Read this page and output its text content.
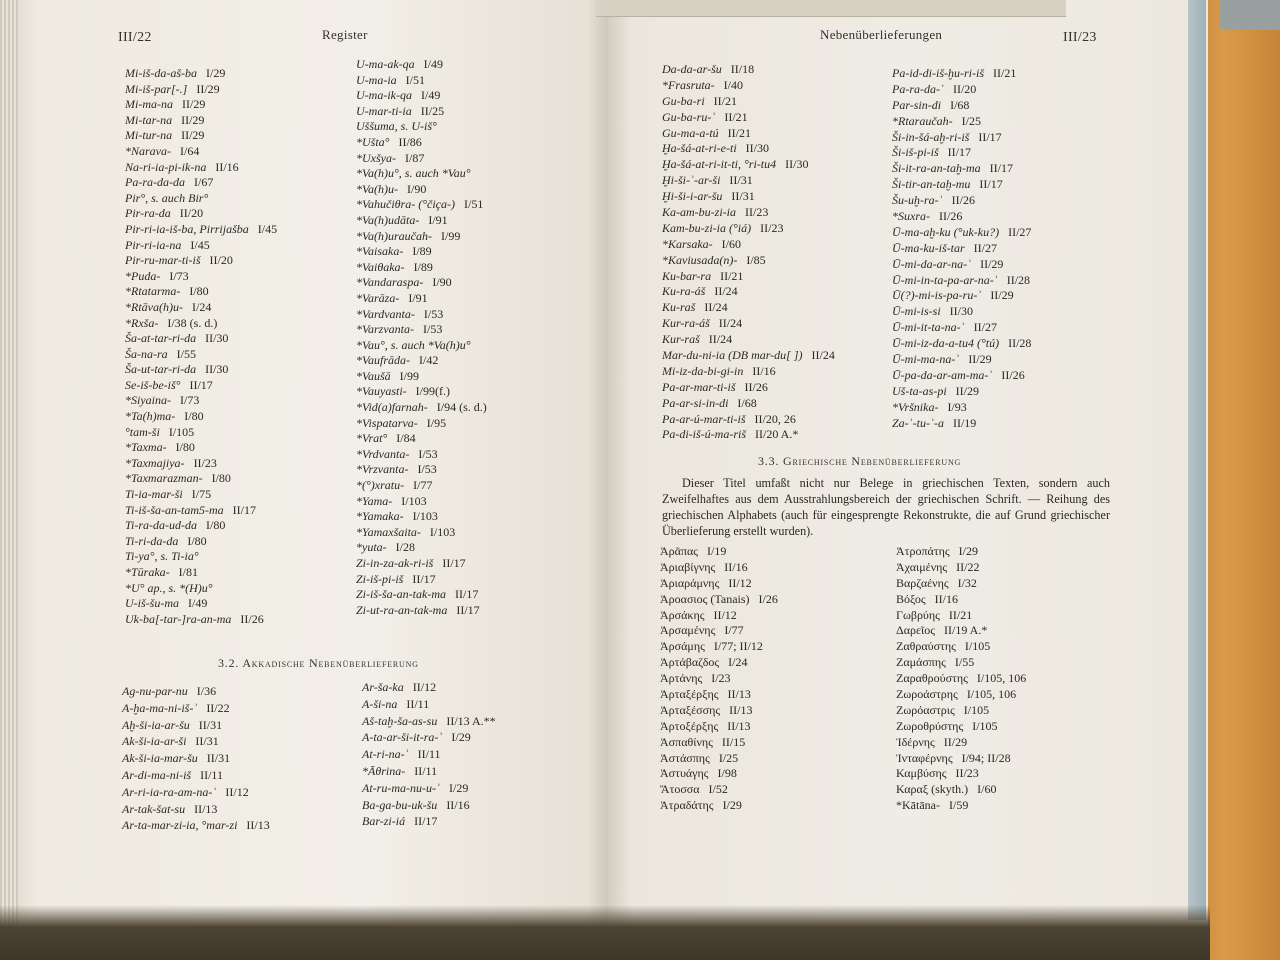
III/22	Register
Mi-iš-da-aš-ba I/29
Mi-iš-par[-.] II/29
Mi-ma-na II/29
Mi-tar-na II/29
Mi-tur-na II/29
*Narava- I/64
Na-ri-ia-pi-ik-na II/16
Pa-ra-da-da I/67
Pir°, s. auch Bir°
Pir-ra-da II/20
Pir-ri-ia-iš-ba, Pirrijašba I/45
Pir-ri-ia-na I/45
Pir-ru-mar-ti-iš II/20
*Puda- I/73
*Rtatarma- I/80
*Rtāva(h)u- I/24
*Rxša- I/38 (s. d.)
Ša-at-tar-ri-da II/30
Ša-na-ra I/55
Ša-ut-tar-ri-da II/30
Se-iš-be-iš° II/17
*Siyaina- I/73
*Ta(h)ma- I/80
°tam-ši I/105
*Taxma- I/80
*Taxmajiya- II/23
*Taxmarazman- I/80
Ti-ia-mar-ši I/75
Ti-iš-ša-an-tam5-ma II/17
Ti-ra-da-ud-da I/80
Ti-ri-da-da I/80
Ti-ya°, s. Ti-ia°
*Tūraka- I/81
*U° ap., s. *(H)u°
U-iš-šu-ma I/49
Uk-ba[-tar-]ra-an-ma II/26
U-ma-ak-qa I/49
U-ma-ia I/51
U-ma-ik-qa I/49
U-mar-ti-ia II/25
Uššuma, s. U-iš°
*Ušta° II/86
*Uxšya- I/87
*Va(h)u°, s. auch *Vau°
*Va(h)u- I/90
*Vahučiθra- (°čiça-) I/51
*Va(h)udāta- I/91
*Va(h)uraučah- I/99
*Vaisaka- I/89
*Vaiθaka- I/89
*Vandaraspa- I/90
*Varāza- I/91
*Vardvanta- I/53
*Varzvanta- I/53
*Vau°, s. auch *Va(h)u°
*Vaufrāda- I/42
*Vaušā I/99
*Vauyasti- I/99(f.)
*Vid(a)farnah- I/94 (s. d.)
*Vispatarva- I/95
*Vrat° I/84
*Vrdvanta- I/53
*Vrzvanta- I/53
*(°)xratu- I/77
*Yama- I/103
*Yamaka- I/103
*Yamaxšaita- I/103
*yuta- I/28
Zi-in-za-ak-ri-iš II/17
Zi-iš-pi-iš II/17
Zi-iš-ša-an-tak-ma II/17
Zi-ut-ra-an-tak-ma II/17
3.2. Akkadische Nebenüberlieferung
Ag-nu-par-nu I/36
A-ḫa-ma-ni-iš-ʾ II/22
Aḫ-ši-ia-ar-šu II/31
Ak-ši-ia-ar-ši II/31
Ak-ši-ia-mar-šu II/31
Ar-di-ma-ni-iš II/11
Ar-ri-ia-ra-am-na-ʾ II/12
Ar-tak-šat-su II/13
Ar-ta-mar-zi-ia, °mar-zi II/13
Ar-ša-ka II/12
A-ši-na II/11
Aš-taḫ-ša-as-su II/13 A.**
A-ta-ar-ši-it-ra-ʾ I/29
At-ri-na-ʾ II/11
*Āθrina- II/11
At-ru-ma-nu-u-ʾ I/29
Ba-ga-bu-uk-šu II/16
Bar-zi-iá II/17
Nebenüberlieferungen	III/23
Da-da-ar-šu II/18
*Frasruta- I/40
Gu-ba-ri II/21
Gu-ba-ru-ʾ II/21
Gu-ma-a-tú II/21
Ḫa-šá-at-ri-e-ti II/30
Ḫa-šá-at-ri-it-ti, °ri-tu4 II/30
Ḫi-ši-ʾ-ar-ši II/31
Ḫi-ši-i-ar-šu II/31
Ka-am-bu-zi-ia II/23
Kam-bu-zi-ia (°iá) II/23
*Karsaka- I/60
*Kaviusada(n)- I/85
Ku-bar-ra II/21
Ku-ra-áš II/24
Ku-raš II/24
Kur-ra-áš II/24
Kur-raš II/24
Mar-du-ni-ia (DB mar-du[ ]) II/24
Mi-iz-da-bi-gi-in II/16
Pa-ar-mar-ti-iš II/26
Pa-ar-si-in-di I/68
Pa-ar-ú-mar-ti-iš II/20, 26
Pa-di-iš-ú-ma-riš II/20 A.*
Pa-id-di-iš-ḫu-ri-iš II/21
Pa-ra-da-ʾ II/20
Par-sin-di I/68
*Rtaraučah- I/25
Ši-in-šá-aḫ-ri-iš II/17
Ši-iš-pi-iš II/17
Ši-it-ra-an-taḫ-ma II/17
Ši-tir-an-taḫ-mu II/17
Šu-uḫ-ra-ʾ II/26
*Suxra- II/26
Ū-ma-aḫ-ku (°uk-ku?) II/27
Ū-ma-ku-iš-tar II/27
Ū-mi-da-ar-na-ʾ II/29
Ū-mi-in-ta-pa-ar-na-ʾ II/28
Ū(?)-mi-is-pa-ru-ʾ II/29
Ū-mi-is-si II/30
Ū-mi-it-ta-na-ʾ II/27
Ū-mi-iz-da-a-tu4 (°tú) II/28
Ū-mi-ma-na-ʾ II/29
Ū-pa-da-ar-am-ma-ʾ II/26
Uš-ta-as-pi II/29
*Vršnika- I/93
Za-ʾ-tu-ʾ-a II/19
3.3. Griechische Nebenüberlieferung
Dieser Titel umfaßt nicht nur Belege in griechischen Texten, sondern auch Zweifelhaftes aus dem Ausstrahlungsbereich der griechischen Schrift. — Reihung des griechischen Alphabets (auch für eingesprengte Rekonstrukte, die auf Grund griechischer Überlieferung erstellt wurden).
Ἀρᾶπας I/19
Ἀριαβίγνης II/16
Ἀριαράμνης II/12
Ἀροασιος (Tanais) I/26
Ἀρσάκης II/12
Ἀρσαμένης I/77
Ἀρσάμης I/77; II/12
Ἀρτάβαζδος I/24
Ἀρτάνης I/23
Ἀρταξέρξης II/13
Ἀρταξέσσης II/13
Ἀρτοξέρξης II/13
Ἀσπαθίνης II/15
Ἀστάσπης I/25
Ἀστυάγης I/98
Ἄτοσσα I/52
Ἀτραδάτης I/29
Ἀτροπάτης I/29
Ἀχαιμένης II/22
Βαρζαένης I/32
Βόξος II/16
Γωβρύης II/21
Δαρεῖος II/19 A.*
Ζαθραύστης I/105
Ζαμάσπης I/55
Ζαραθρούστης I/105, 106
Ζωροάστρης I/105, 106
Ζωρόαστρις I/105
Ζωροθρύστης I/105
Ἰδέρνης II/29
Ἰνταφέρνης I/94; II/28
Καμβύσης II/23
Καραξ (skyth.) I/60
*Kātāna- I/59
